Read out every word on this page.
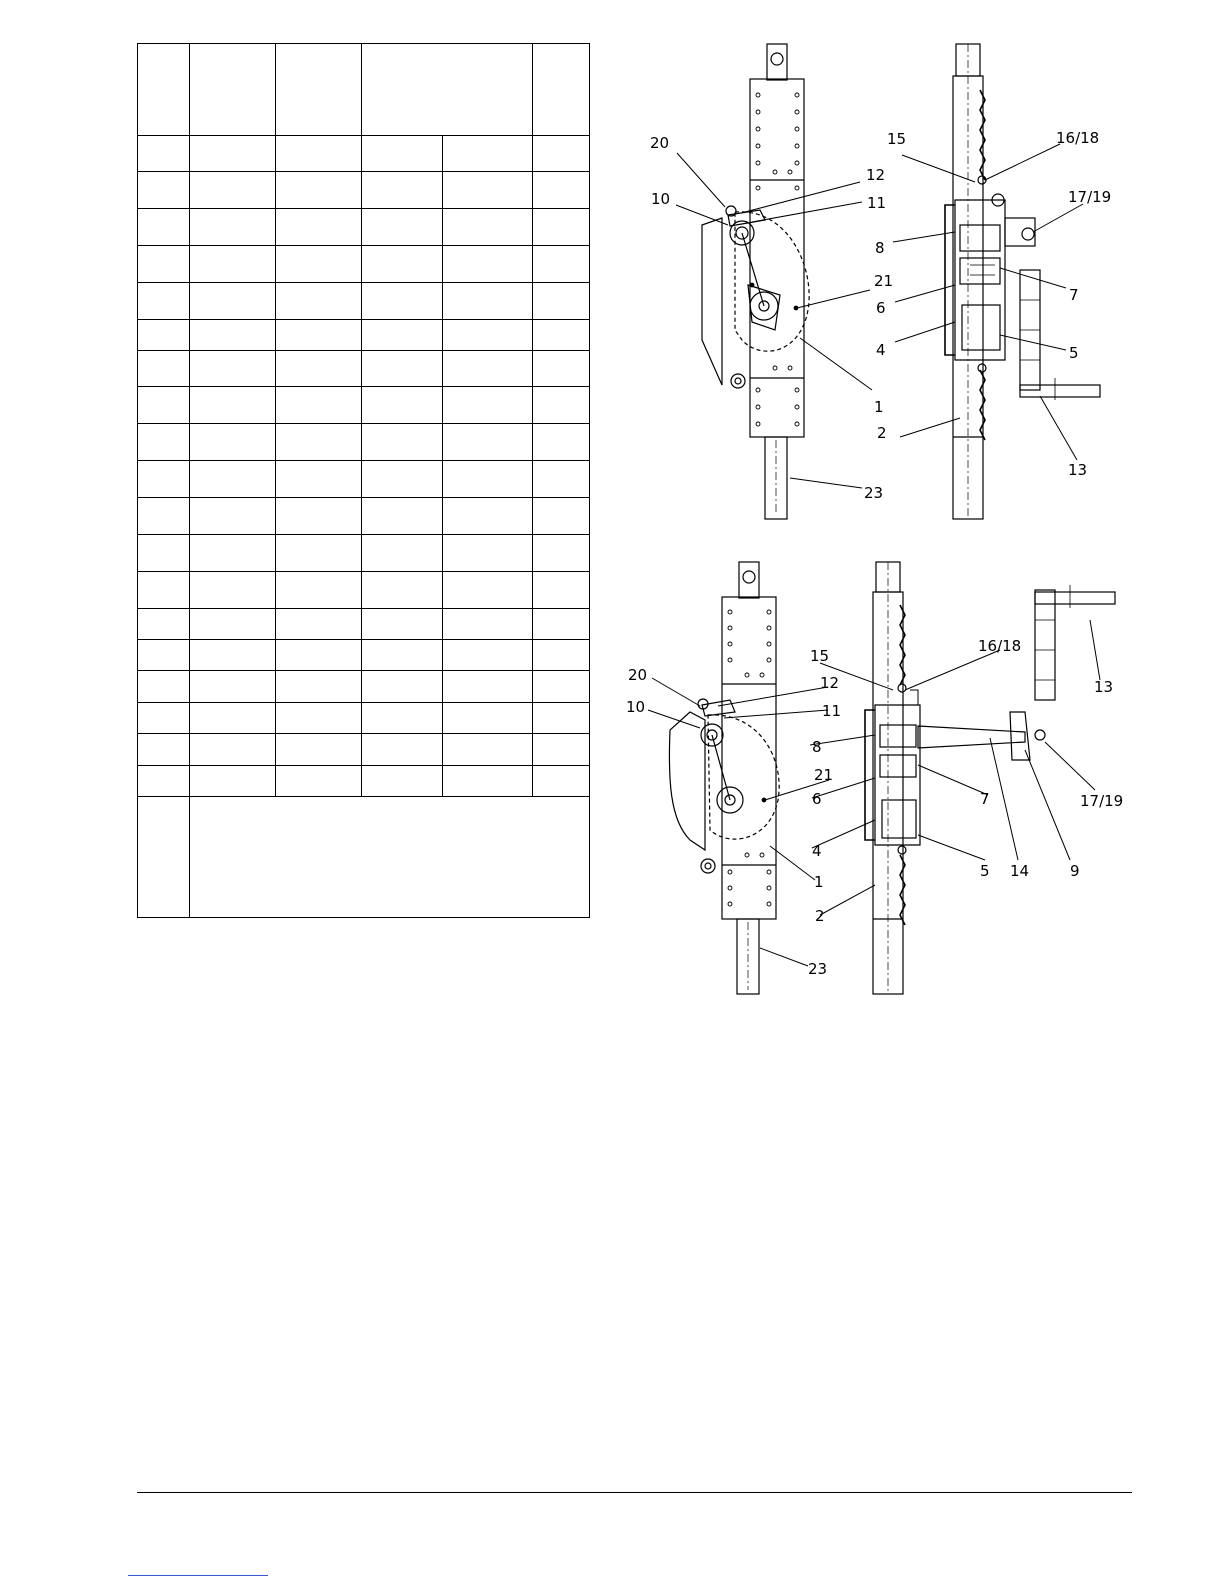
20
12
10	11
21
1
23
15	16/18
17/19
8
7
6
4	5
2
13
20	12
10	11
21
1
23
15
16/18
13
8
7
6
4
5 14	9
17/19
2
